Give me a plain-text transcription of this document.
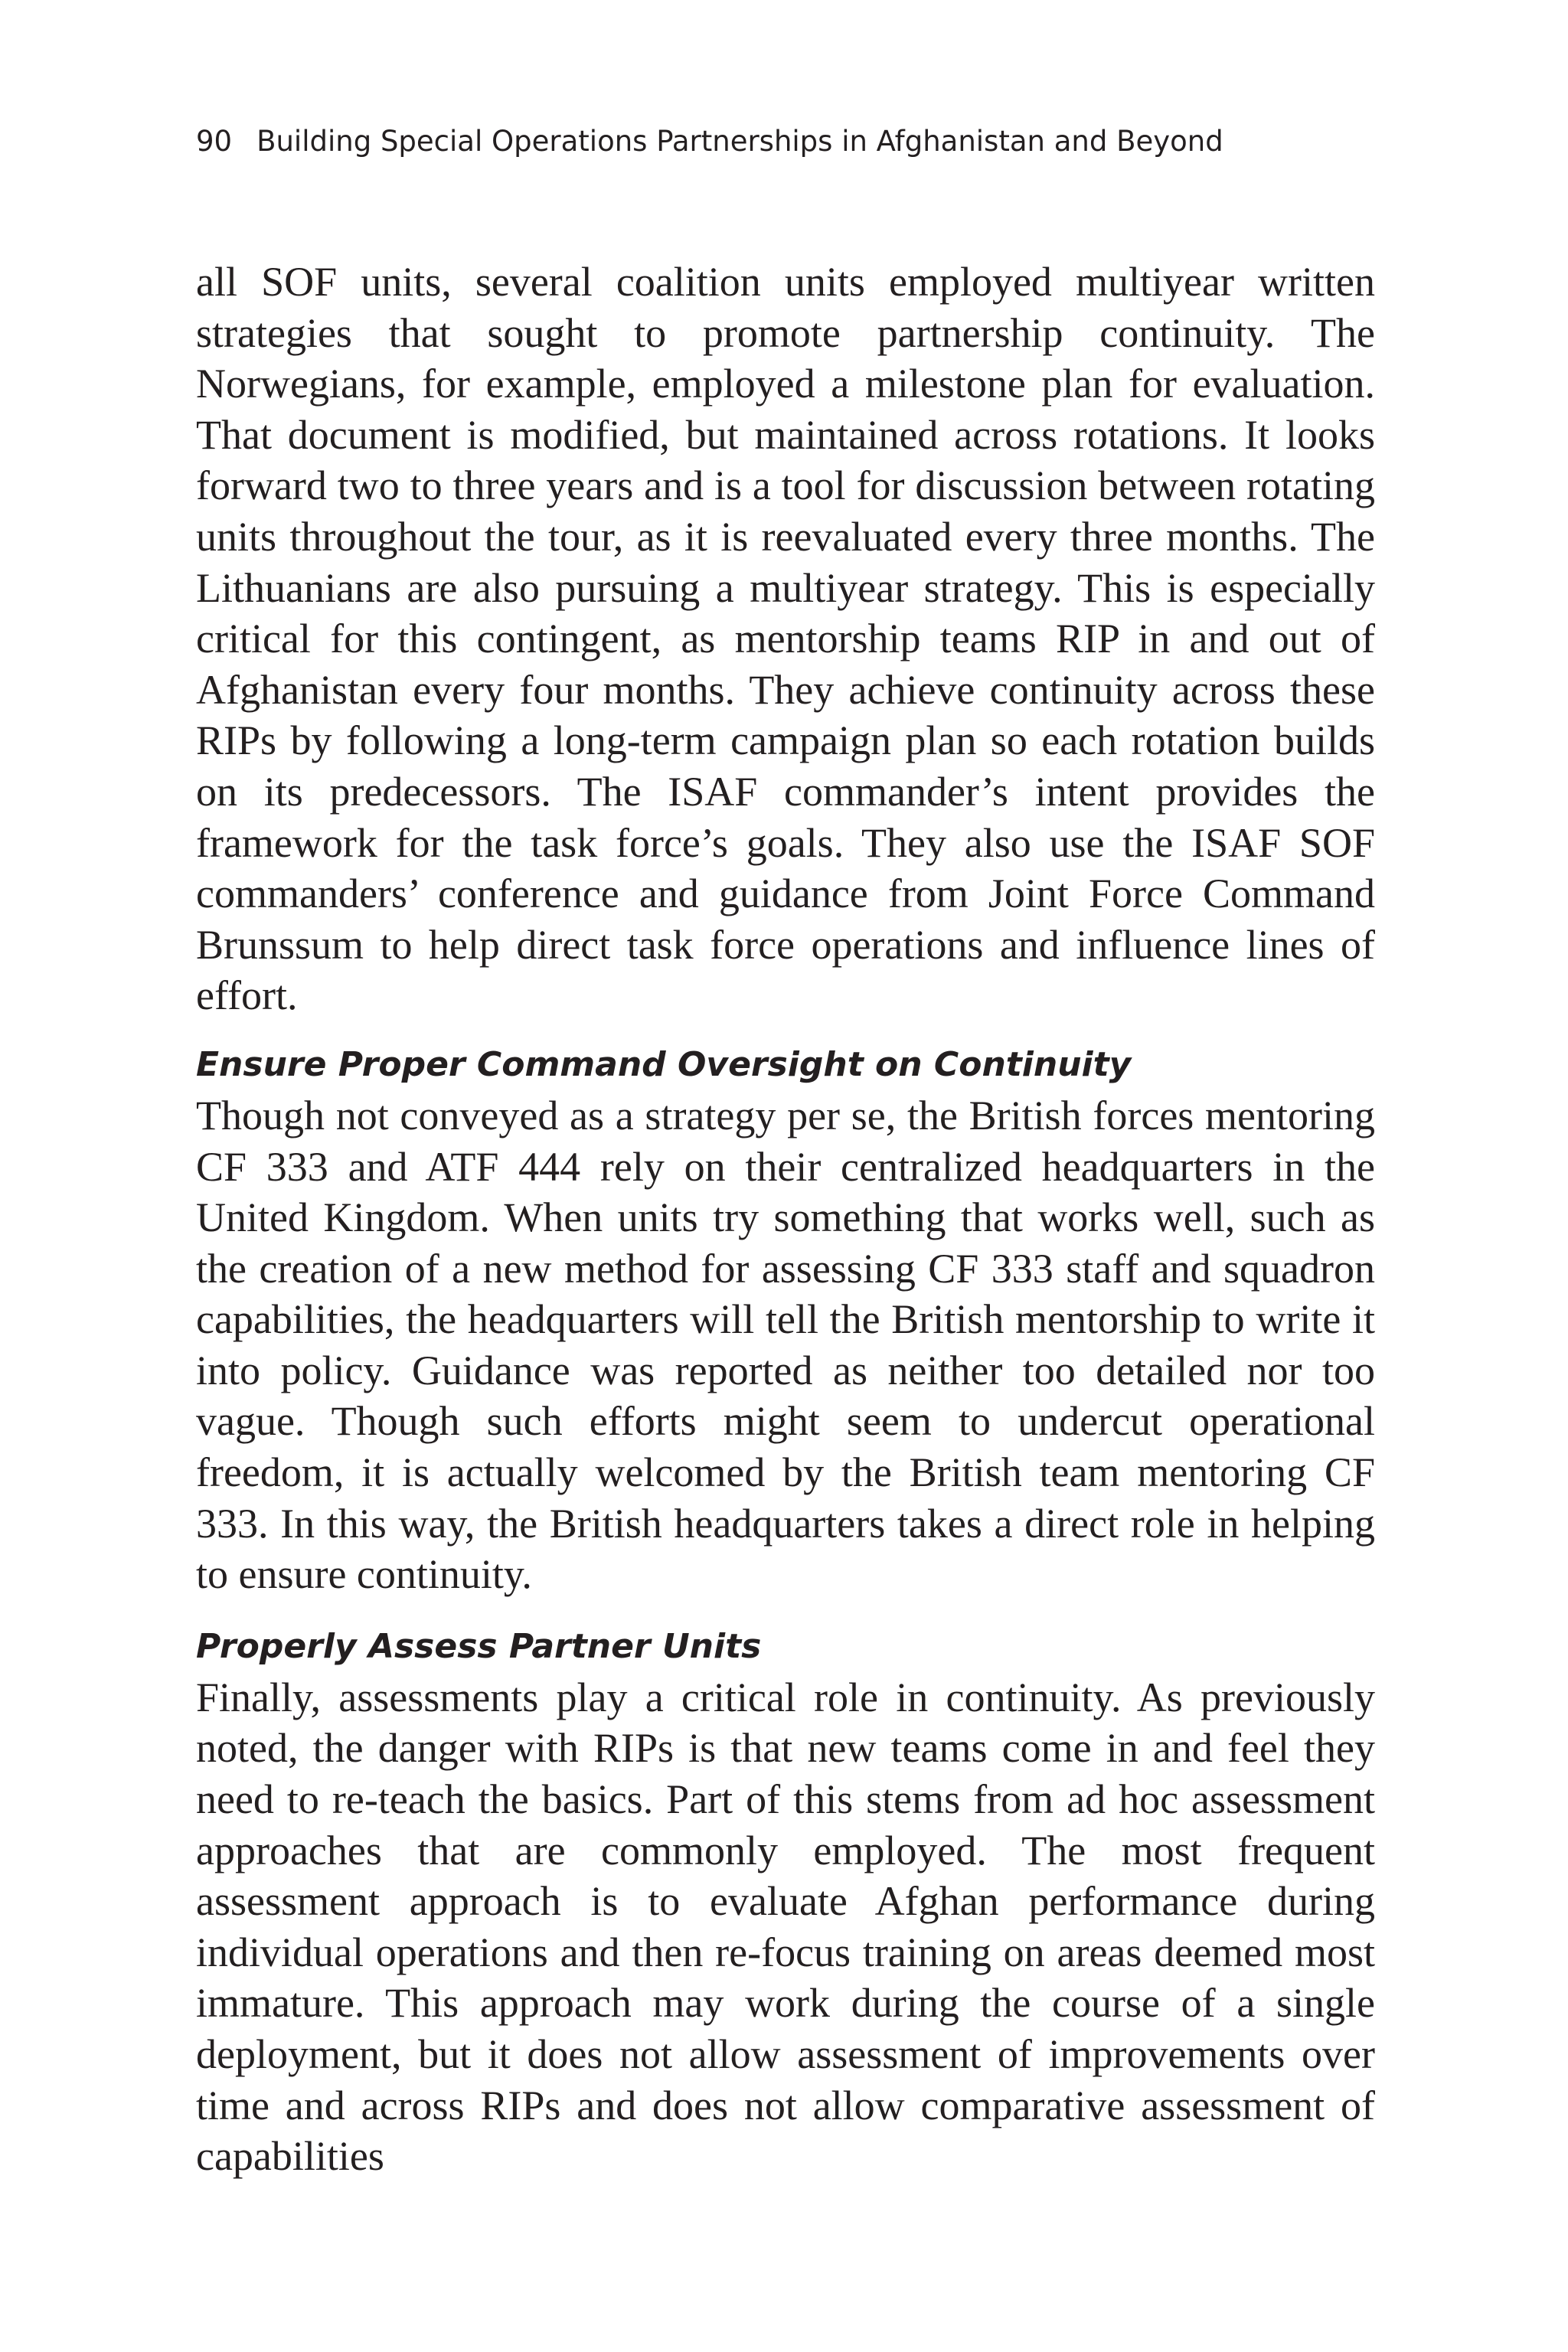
90 Building Special Operations Partnerships in Afghanistan and Beyond

all SOF units, several coalition units employed multiyear written strategies that sought to promote partnership continuity. The Norwegians, for example, employed a milestone plan for evaluation. That document is modified, but maintained across rotations. It looks forward two to three years and is a tool for discussion between rotating units throughout the tour, as it is reevaluated every three months. The Lithuanians are also pursuing a multiyear strategy. This is especially critical for this contingent, as mentorship teams RIP in and out of Afghanistan every four months. They achieve continuity across these RIPs by following a long-term campaign plan so each rotation builds on its predecessors. The ISAF commander’s intent provides the framework for the task force’s goals. They also use the ISAF SOF commanders’ conference and guidance from Joint Force Command Brunssum to help direct task force operations and influence lines of effort.

Ensure Proper Command Oversight on Continuity

Though not conveyed as a strategy per se, the British forces mentoring CF 333 and ATF 444 rely on their centralized headquarters in the United Kingdom. When units try something that works well, such as the creation of a new method for assessing CF 333 staff and squadron capabilities, the headquarters will tell the British mentorship to write it into policy. Guidance was reported as neither too detailed nor too vague. Though such efforts might seem to undercut operational freedom, it is actually welcomed by the British team mentoring CF 333. In this way, the British headquarters takes a direct role in helping to ensure continuity.

Properly Assess Partner Units

Finally, assessments play a critical role in continuity. As previously noted, the danger with RIPs is that new teams come in and feel they need to re-teach the basics. Part of this stems from ad hoc assessment approaches that are commonly employed. The most frequent assessment approach is to evaluate Afghan performance during individual operations and then re-focus training on areas deemed most immature. This approach may work during the course of a single deployment, but it does not allow assessment of improvements over time and across RIPs and does not allow comparative assessment of capabilities
